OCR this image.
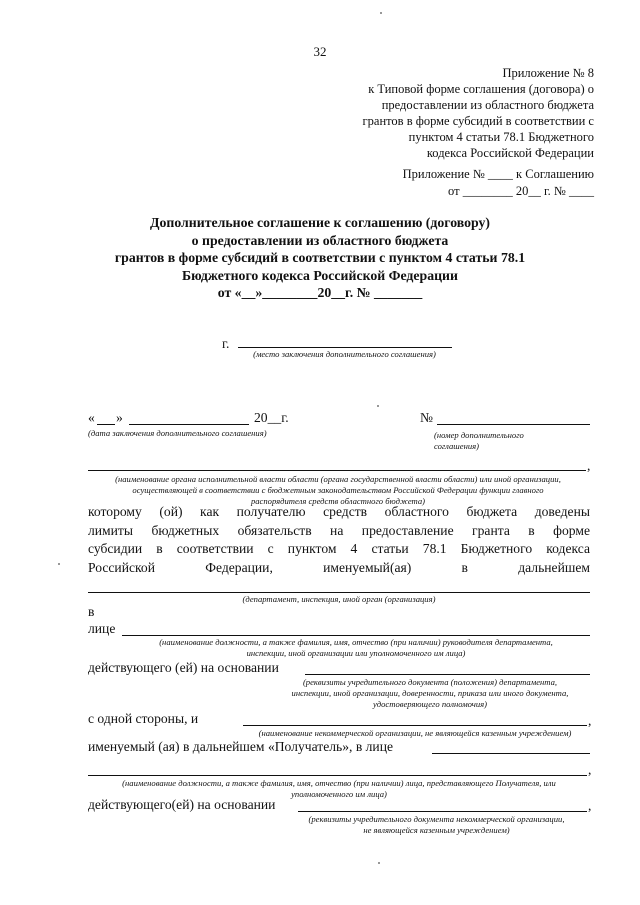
32
Приложение № 8
к Типовой форме соглашения (договора) о
предоставлении из областного бюджета
грантов в форме субсидий в соответствии с
пунктом 4 статьи 78.1 Бюджетного
кодекса Российской Федерации
Приложение № ____ к Соглашению
от ________ 20__ г. № ____
Дополнительное соглашение к соглашению (договору)
о предоставлении из областного бюджета
грантов в форме субсидий в соответствии с пунктом 4 статьи 78.1
Бюджетного кодекса Российской Федерации
от «__»________20__г. № _______
г.
(место заключения дополнительного соглашения)
« »	20__г.
(дата заключения дополнительного соглашения)
№
(номер дополнительного
соглашения)
,
(наименование органа исполнительной власти области (органа государственной власти области) или иной организации,
осуществляющей в соответствии с бюджетным законодательством Российской Федерации функции главного
распорядителя средств областного бюджета)
которому (ой) как получателю средств областного бюджета доведены
лимиты бюджетных обязательств на предоставление гранта в форме
субсидии в соответствии с пунктом 4 статьи 78.1 Бюджетного кодекса
Российской	Федерации,	именуемый(ая)	в	дальнейшем
(департамент, инспекция, иной орган (организация)
в
лице
(наименование должности, а также фамилия, имя, отчество (при наличии) руководителя департамента,
инспекции, иной организации или уполномоченного им лица)
действующего (ей) на основании
(реквизиты учредительного документа (положения) департамента,
инспекции, иной организации, доверенности, приказа или иного документа,
удостоверяющего полномочия)
с одной стороны, и	,
(наименование некоммерческой организации, не являющейся казенным учреждением)
именуемый (ая) в дальнейшем «Получатель», в лице
,
(наименование должности, а также фамилия, имя, отчество (при наличии) лица, представляющего Получателя, или
уполномоченного им лица)
действующего(ей) на основании	,
(реквизиты учредительного документа некоммерческой организации,
не являющейся казенным учреждением)
